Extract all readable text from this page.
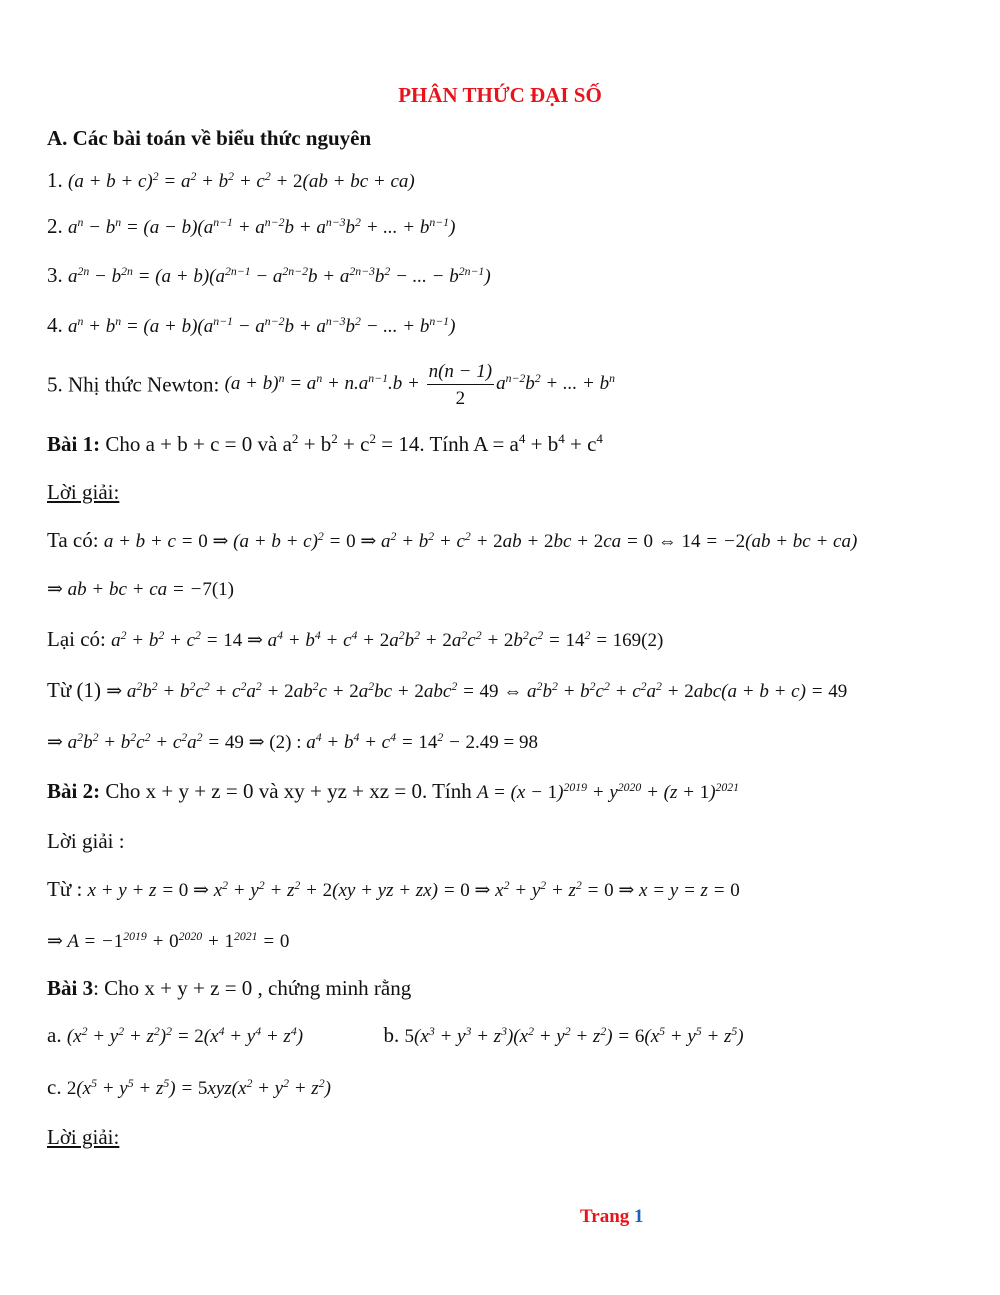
PHÂN THỨC ĐẠI SỐ
A. Các bài toán về biểu thức nguyên
1. $(a + b + c)^2 = a^2 + b^2 + c^2 + 2(ab$ + bc + ca)
2. $a^n - b^n = (a - b)(a^{n-1} + a^{n-2}b + a^{n-3}b^2$ + ... + $b^{n-1}$)
3. $a^{2n} - b^{2n} = (a + b)(a^{2n-1} - a^{2n-2}b + a^{2n-3}b^2$ − ... − $b^{2n-1}$)
4. $a^n + b^n = (a + b)(a^{n-1} - a^{n-2}b + a^{n-3}b^2$ − ... + $b^{n-1}$)
5. Nhị thức Newton: $(a + b)^n = a^n + n.a^{n-1}.b + \frac{n(n - 1)}{2} a^{n-2}b^2$ + ... + $b^n$
Bài 1: Cho a + b + c = 0 và $a^2 + b^2 + c^2 = 14$. Tính $A = a^4 + b^4 + c^4$
Lời giải:
Ta có: a + b + c = 0 ⇒ $(a + b + c)^2 = 0$ ⇒ $a^2 + b^2 + c^2 + 2ab + 2bc + 2ca = 0$ ⇔ 14 = −2(ab + bc + ca)
⇒ ab + bc + ca = −7(1)
Lại có: $a^2 + b^2 + c^2 = 14$ ⇒ $a^4 + b^4 + c^4 + 2a^2b^2 + 2a^2c^2 + 2b^2c^2 = 14^2 = 169(2)$
Từ (1) ⇒ $a^2b^2 + b^2c^2 + c^2a^2 + 2ab^2c + 2a^2bc + 2abc^2 = 49$ ⇔ $a^2b^2 + b^2c^2 + c^2a^2 + 2abc(a + b + c) = 49$
⇒ $a^2b^2 + b^2c^2 + c^2a^2 = 49$ ⇒ (2) : $a^4 + b^4 + c^4 = 14^2 - 2.49 = 98$
Bài 2: Cho x + y + z = 0 và xy + yz + xz = 0. Tính $A = (x - 1)^{2019} + y^{2020} + (z + 1)^{2021}$
Lời giải :
Từ : x + y + z = 0 ⇒ $x^2 + y^2 + z^2 + 2(xy$ + yz + zx) = 0 ⇒ $x^2 + y^2 + z^2 = 0$ ⇒ x = y = z = 0
⇒ $A = -1^{2019} + 0^{2020} + 1^{2021} = 0$
Bài 3: Cho x + y + z = 0 , chứng minh rằng
a. $(x^2 + y^2 + z^2)^2 = 2(x^4 + y^4 + z^4)$	b. $5(x^3 + y^3 + z^3)(x^2 + y^2 + z^2) = 6(x^5 + y^5 + z^5)$
c. $2(x^5 + y^5 + z^5) = 5xyz(x^2 + y^2 + z^2)$
Lời giải:
Trang 1
